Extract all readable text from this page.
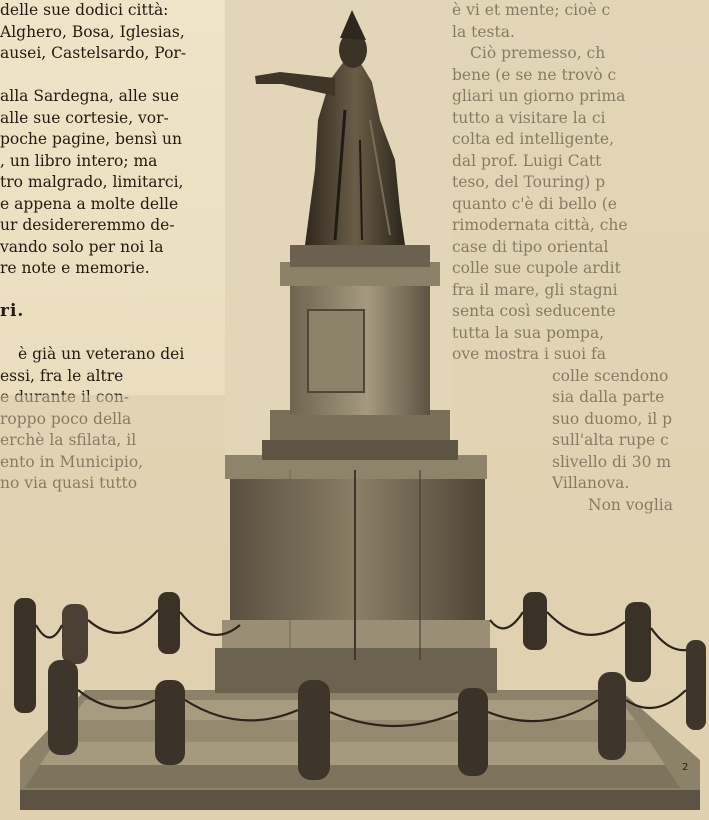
delle sue dodici città:
Alghero, Bosa, Iglesias,
ausei, Castelsardo, Por-
alla Sardegna, alle sue
alle sue cortesie, vor-
poche pagine, bensì un
, un libro intero; ma
tro malgrado, limitarci,
e appena a molte delle
ur desidereremmo de-
vando solo per noi la
re note e memorie.
ri.
è già un veterano dei
essi, fra le altre
2
